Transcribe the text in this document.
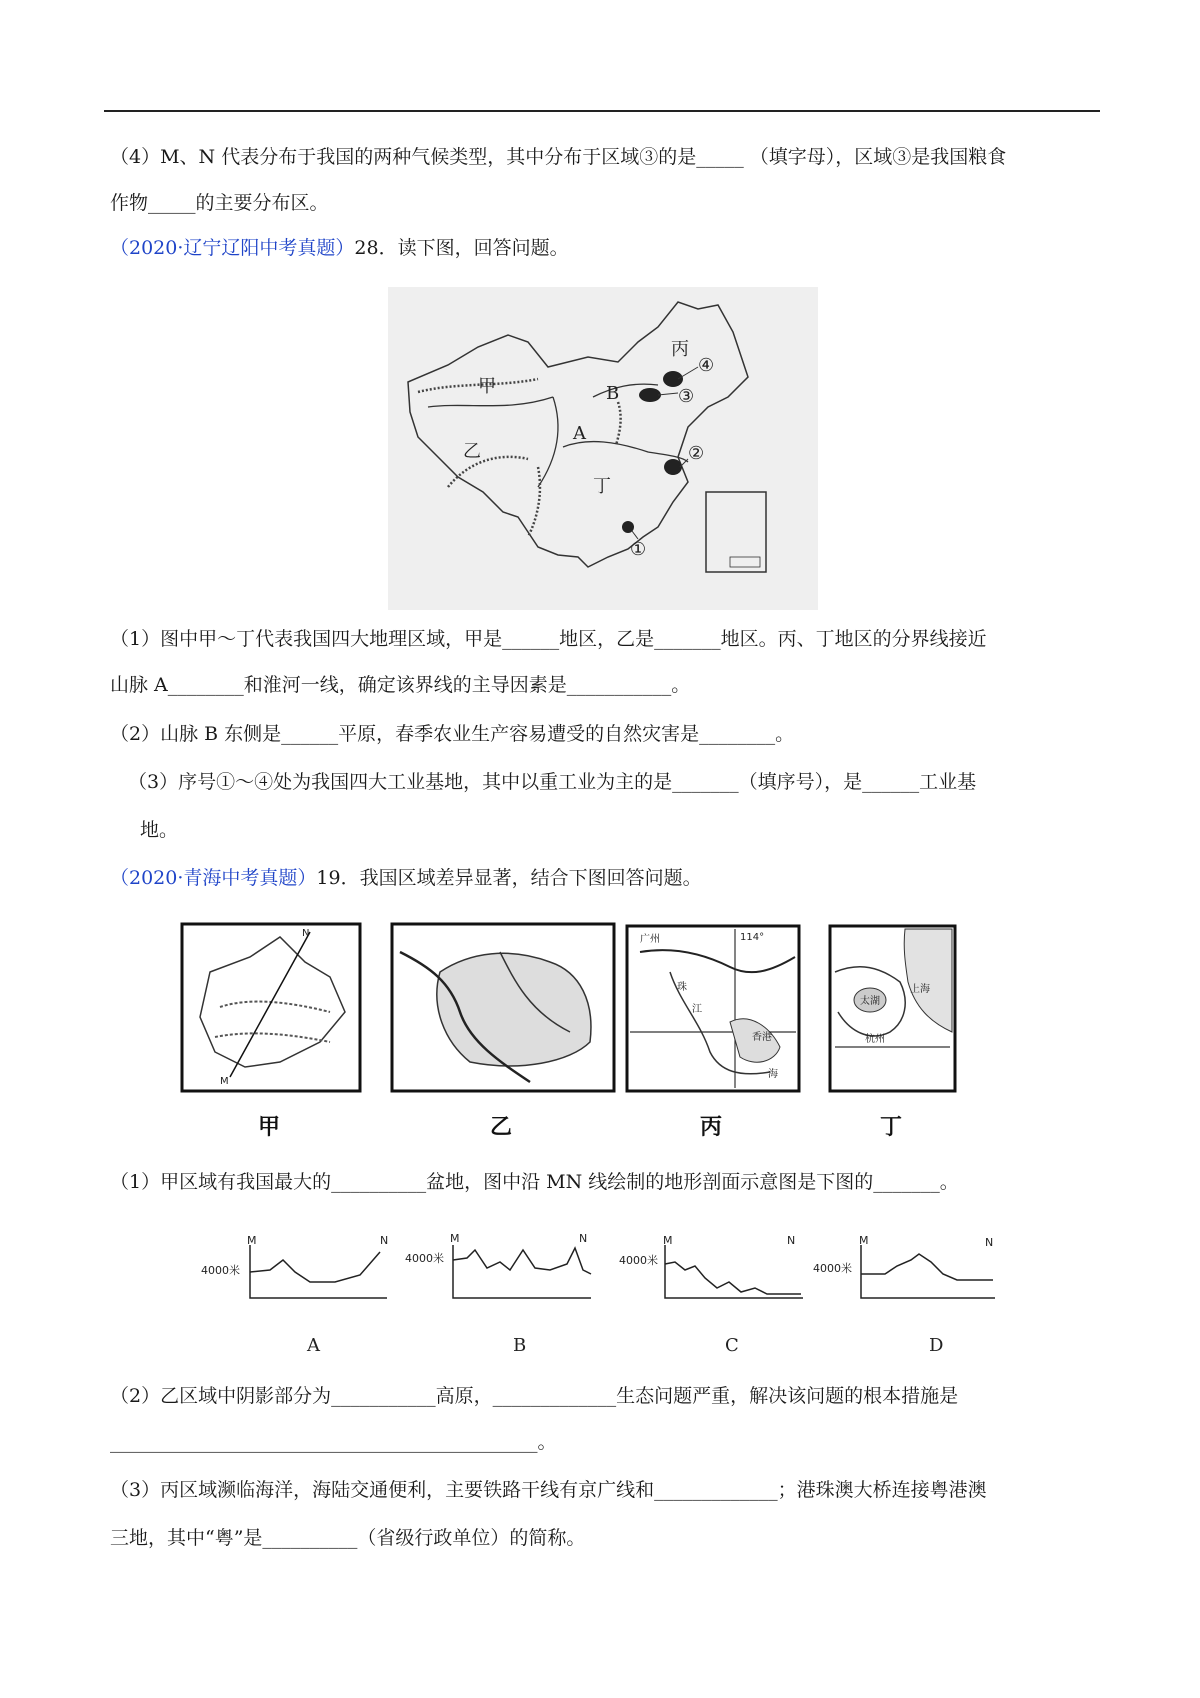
（4）M、N 代表分布于我国的两种气候类型，其中分布于区域③的是_____ （填字母），区域③是我国粮食
作物_____的主要分布区。
（2020·辽宁辽阳中考真题）28．读下图，回答问题。
甲
乙
丙
丁
A
B
①
②
③
④
（1）图中甲～丁代表我国四大地理区域，甲是______地区，乙是_______地区。丙、丁地区的分界线接近
山脉 A________和淮河一线，确定该界线的主导因素是___________。
（2）山脉 B 东侧是______平原，春季农业生产容易遭受的自然灾害是________。
（3）序号①～④处为我国四大工业基地，其中以重工业为主的是_______（填序号），是______工业基
地。
（2020·青海中考真题）19．我国区域差异显著，结合下图回答问题。
N
M
甲	乙
广州
珠
江
香港
海
114°
丙
上海
太湖
杭州
丁
（1）甲区域有我国最大的__________盆地，图中沿 MN 线绘制的地形剖面示意图是下图的_______。
M	N
4000米
A
M	N
4000米
B
M	N
4000米
C
M	N
4000米
D
（2）乙区域中阴影部分为___________高原，_____________生态问题严重，解决该问题的根本措施是
_____________________________________________。
（3）丙区域濒临海洋，海陆交通便利，主要铁路干线有京广线和_____________；港珠澳大桥连接粤港澳
三地，其中“粤”是__________（省级行政单位）的简称。
